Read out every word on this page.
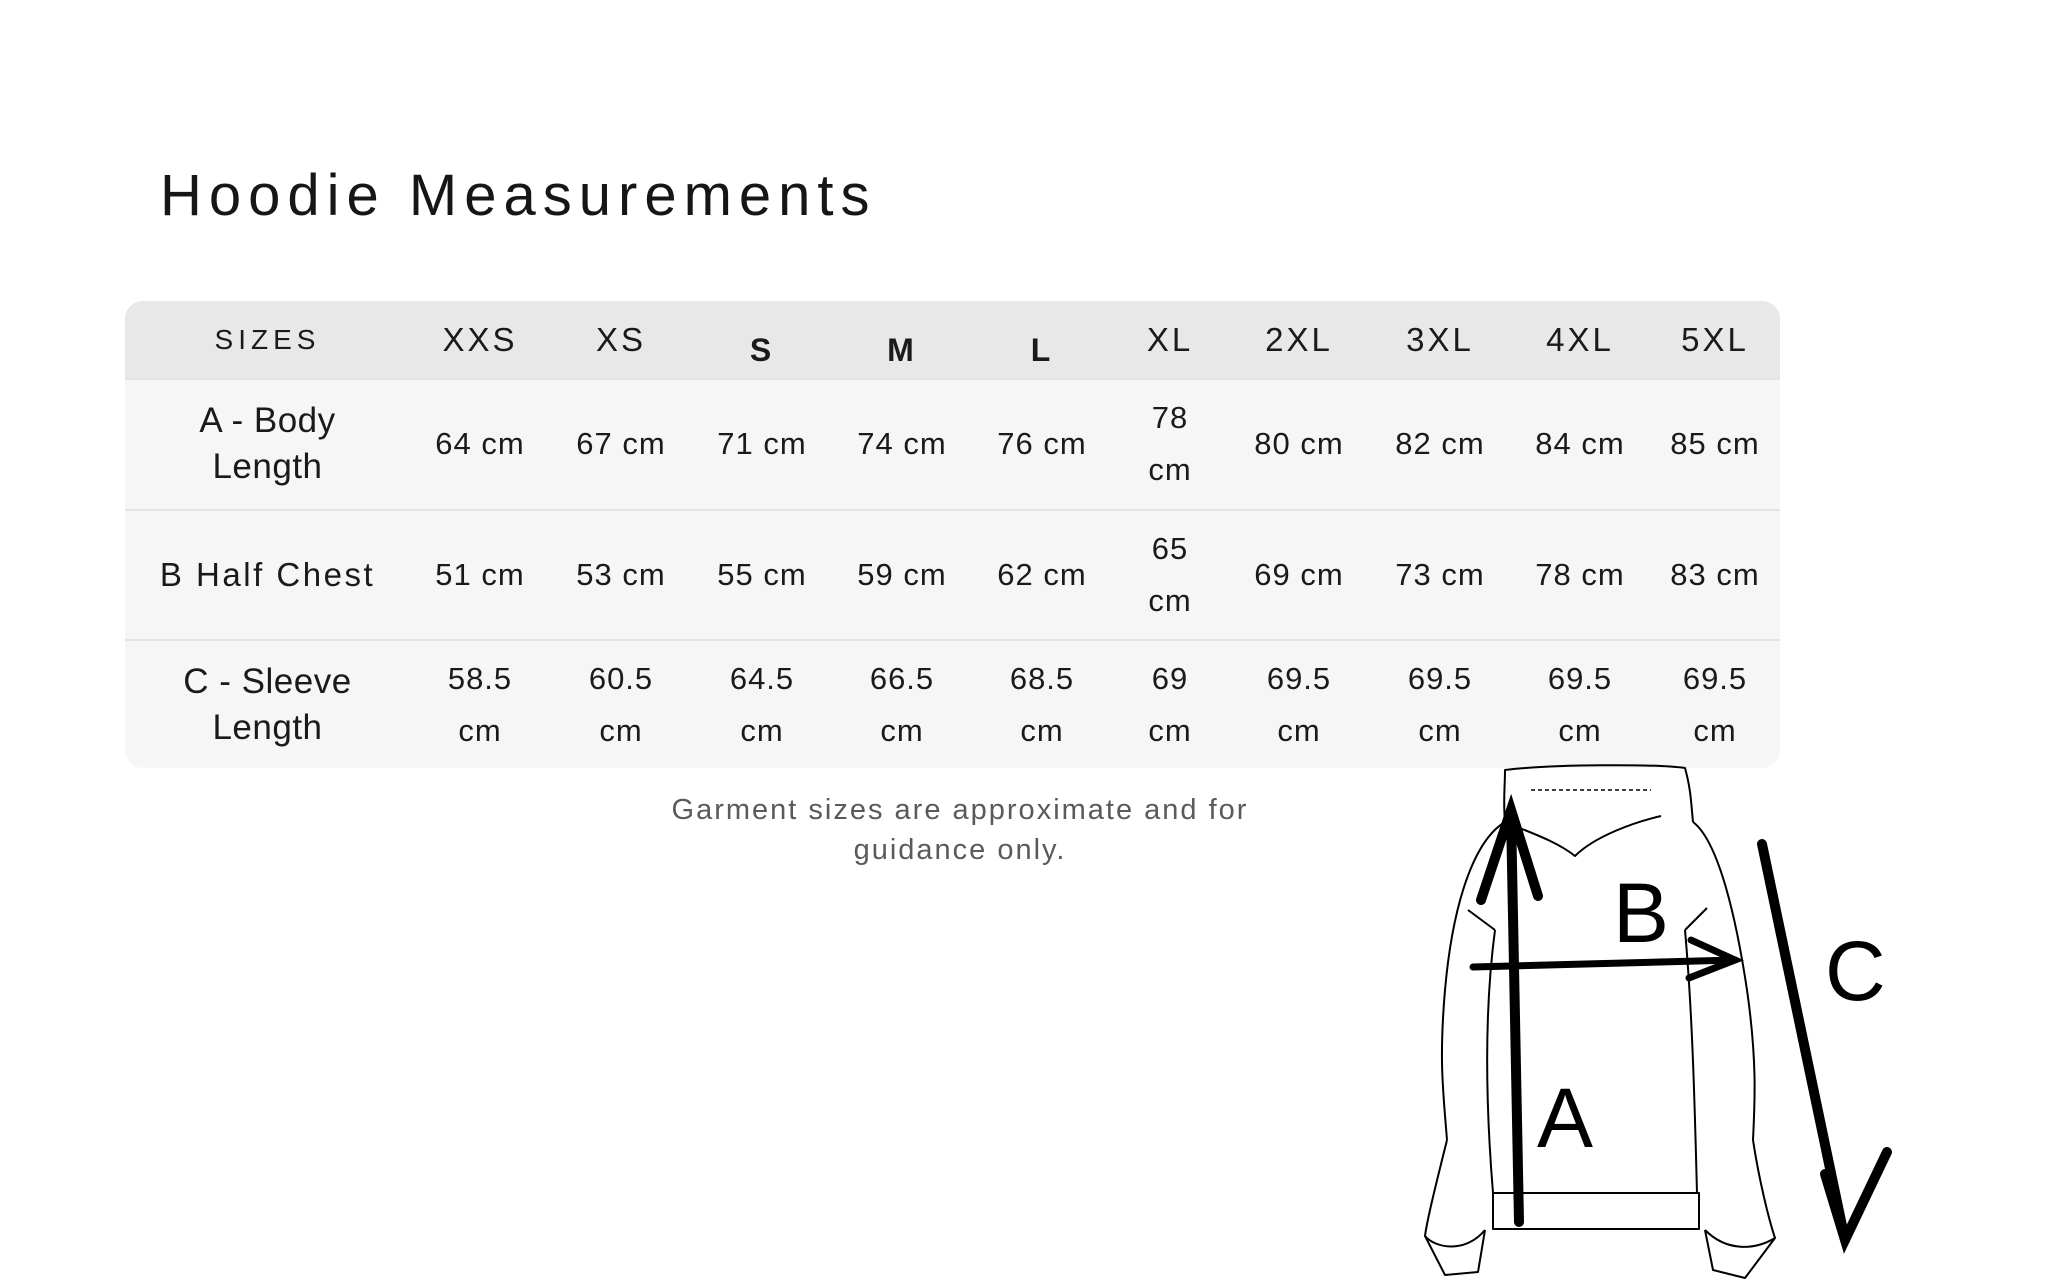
Hoodie Measurements
SIZES	XXS	XS	S	M	L	XL	2XL	3XL	4XL	5XL
A - Body Length	64 cm	67 cm	71 cm	74 cm	76 cm	78 cm	80 cm	82 cm	84 cm	85 cm
B Half Chest	51 cm	53 cm	55 cm	59 cm	62 cm	65 cm	69 cm	73 cm	78 cm	83 cm
C - Sleeve Length	58.5 cm	60.5 cm	64.5 cm	66.5 cm	68.5 cm	69 cm	69.5 cm	69.5 cm	69.5 cm	69.5 cm
Garment sizes are approximate and for guidance only.
A
B
C
